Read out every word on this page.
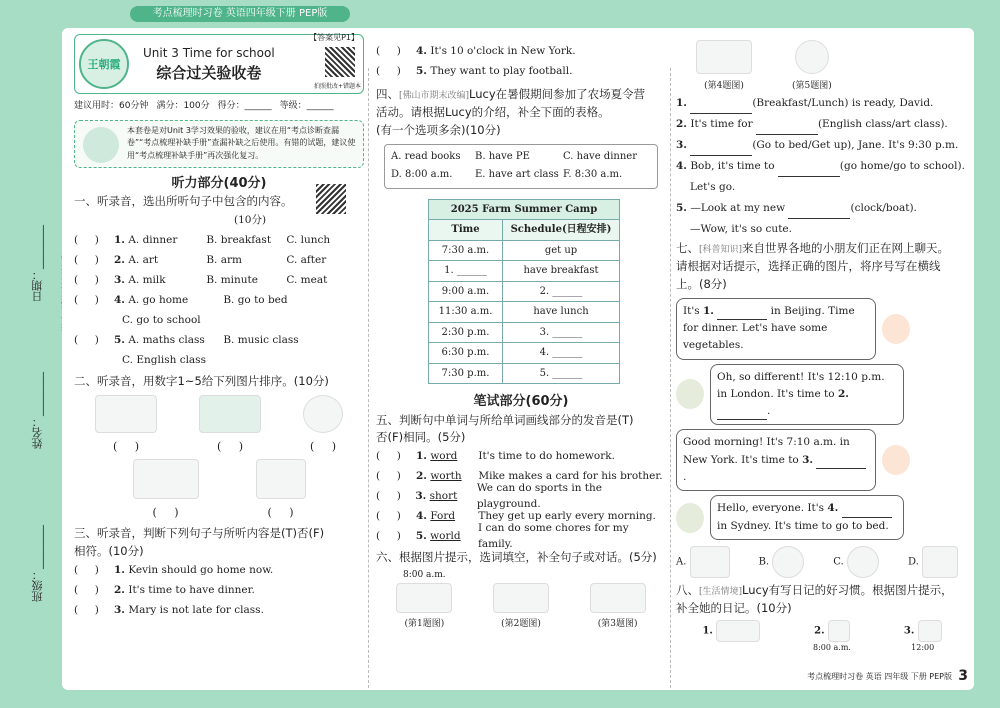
考点梳理时习卷 英语四年级下册 PEP版
日期：________
姓名：________
班级：________
王朝霞
Unit 3 Time for school
综合过关验收卷
【答案见P1】
拍照批改+错题本
建议用时：60分钟 满分：100分 得分：______ 等级：______
本套卷是对Unit 3学习效果的验收，建议在用“考点诊断查漏卷”“考点梳理补缺手册”查漏补缺之后使用。有错的试题，建议使用“考点梳理补缺手册”再次强化复习。
听力部分(40分)
一、听录音，选出所听句子中包含的内容。
(10分)
(     )	1.
A. dinner	B. breakfast	C. lunch
(     )	2.
A. art	B. arm	C. after
(     )	3.
A. milk	B. minute	C. meat
(     )	4.
A. go home	B. go to bed
C. go to school
(     )	5.
A. maths class	B. music class
C. English class
二、听录音，用数字1~5给下列图片排序。(10分)
(     )	(     )	(     )
(     )	(     )
三、听录音，判断下列句子与所听内容是(T)否(F)
相符。(10分)
(     )	1.
Kevin should go home now.
(     )	2.
It's time to have dinner.
(     )	3.
Mary is not late for class.
(     )	4.
It's 10 o'clock in New York.
(     )	5.
They want to play football.
四、[佛山市期末改编]Lucy在暑假期间参加了农场夏令营
活动。请根据Lucy的介绍，补全下面的表格。
(有一个选项多余)(10分)
A. read books	B. have PE	C. have dinner
D. 8:00 a.m.	E. have art class F. 8:30 a.m.
2025 Farm Summer Camp	
Time	Schedule(日程安排)
7:30 a.m.	get up
1. ______	have breakfast
9:00 a.m.	2. ______
11:30 a.m.	have lunch
2:30 p.m.	3. ______
6:30 p.m.	4. ______
7:30 p.m.	5. ______
笔试部分(60分)
五、判断句中单词与所给单词画线部分的发音是(T)
否(F)相同。(5分)
(     )	1.
word	It's time to do homework.
(     )	2.
worth	Mike makes a card for his brother.
(     )	3.
short
We can do sports in the playground.
(     )	4.
Ford	They get up early every morning.
(     )	5.
world
I can do some chores for my family.
六、根据图片提示，选词填空，补全句子或对话。(5分)
8:00 a.m.
(第1题图)
	(第2题图)
	(第3题图)
(第4题图)	(第5题图)
1.	(Breakfast/Lunch) is ready, David.
2. It's time for	(English class/art class).
3.	(Go to bed/Get up), Jane. It's 9:30 p.m.
4. Bob, it's time to	(go home/go to school).
Let's go.
5. —Look at my new	(clock/boat).
—Wow, it's so cute.
七、[科普知识]来自世界各地的小朋友们正在网上聊天。
请根据对话提示，选择正确的图片，将序号写在横线
上。(8分)
It's 1.	in Beijing. Time for dinner. Let's have some vegetables.
Oh, so different! It's 12:10 p.m. in London. It's time to 2. .
Good morning! It's 7:10 a.m. in New York. It's time to 3. .
Hello, everyone. It's 4.  in Sydney. It's time to go to bed.
A.	B.	C.	D.
八、[生活情境]Lucy有写日记的好习惯。根据图片提示，
补全她的日记。(10分)
1.	2.
8:00 a.m.
3.
12:00
考点梳理时习卷 英语 四年级 下册 PEP版 3
